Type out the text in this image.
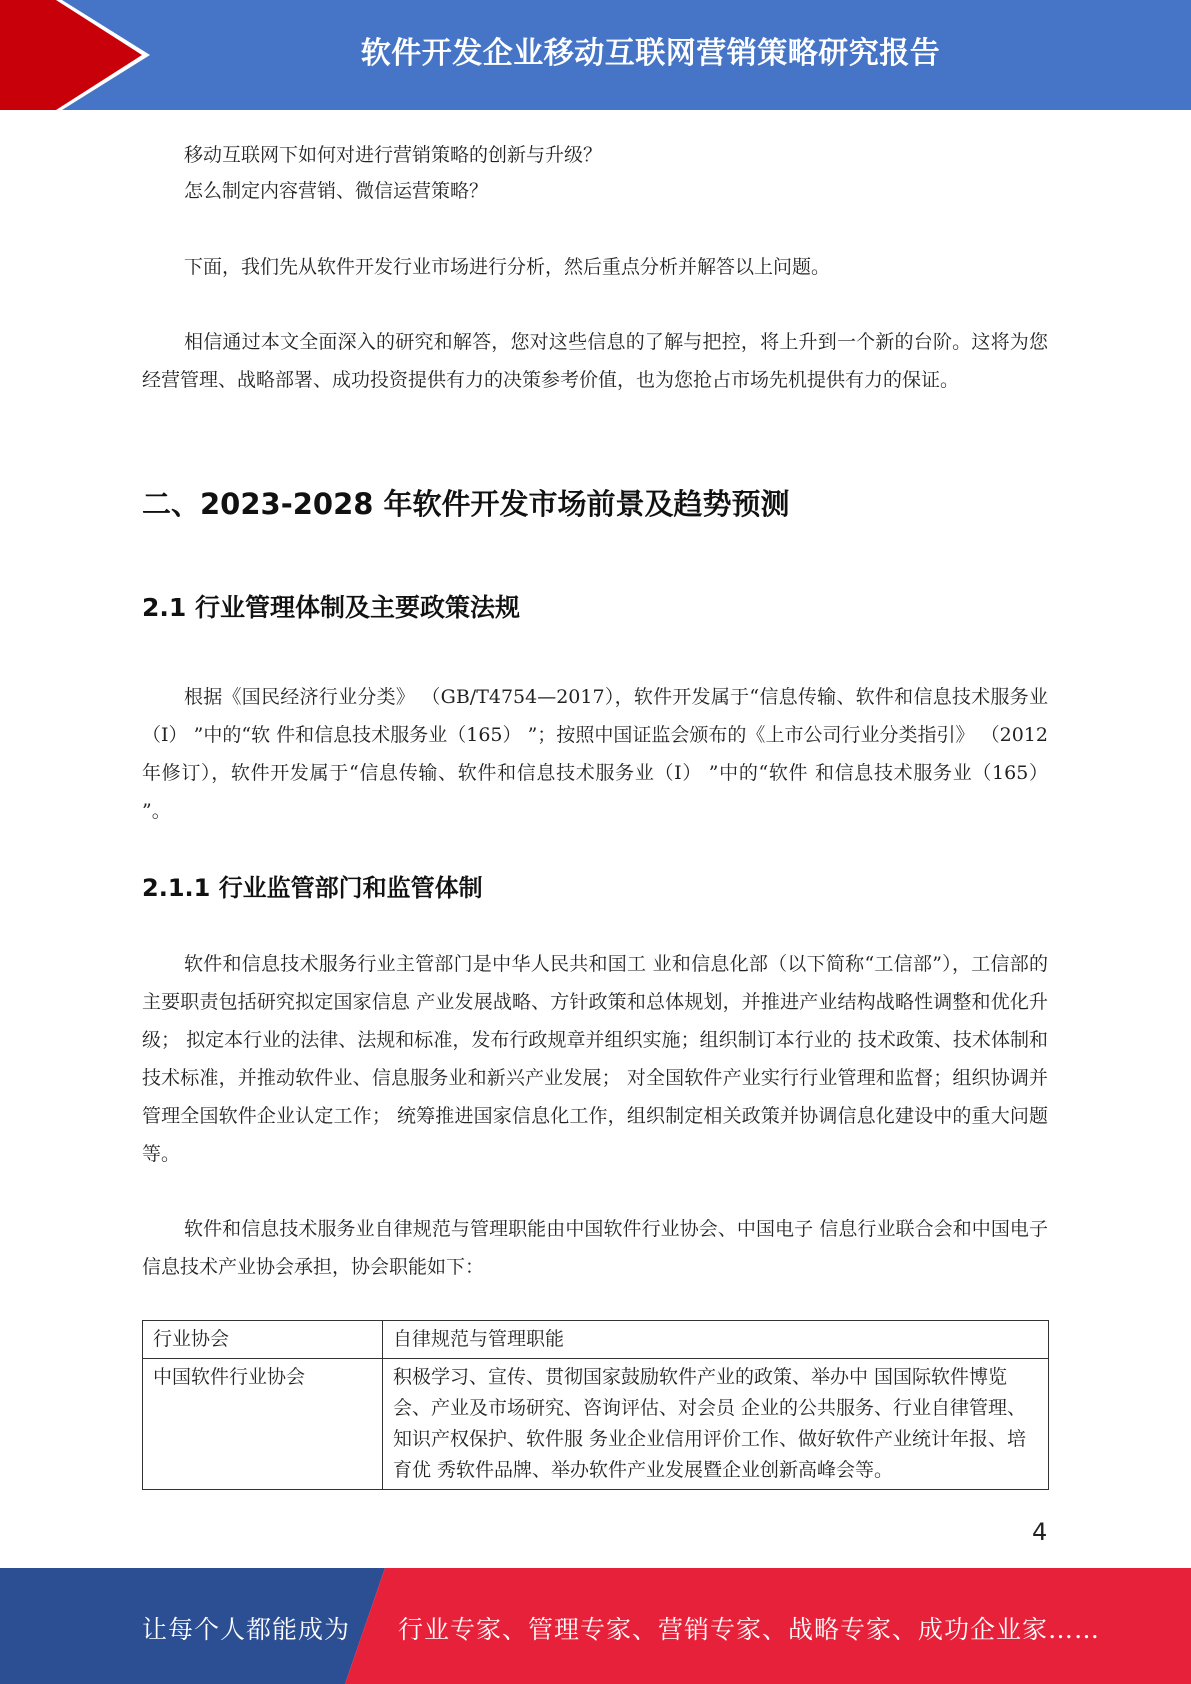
软件开发企业移动互联网营销策略研究报告

移动互联网下如何对进行营销策略的创新与升级？

怎么制定内容营销、微信运营策略？

下面，我们先从软件开发行业市场进行分析，然后重点分析并解答以上问题。

相信通过本文全面深入的研究和解答，您对这些信息的了解与把控，将上升到一个新的台阶。这将为您经营管理、战略部署、成功投资提供有力的决策参考价值，也为您抢占市场先机提供有力的保证。

二、2023-2028 年软件开发市场前景及趋势预测
2.1 行业管理体制及主要政策法规

根据《国民经济行业分类》 （GB/T4754—2017），软件开发属于“信息传输、软件和信息技术服务业（I） ”中的“软 件和信息技术服务业（165） ”；按照中国证监会颁布的《上市公司行业分类指引》 （2012 年修订），软件开发属于“信息传输、软件和信息技术服务业（I） ”中的“软件 和信息技术服务业（165） ”。

2.1.1 行业监管部门和监管体制

软件和信息技术服务行业主管部门是中华人民共和国工 业和信息化部（以下简称“工信部”），工信部的主要职责包括研究拟定国家信息 产业发展战略、方针政策和总体规划，并推进产业结构战略性调整和优化升级； 拟定本行业的法律、法规和标准，发布行政规章并组织实施；组织制订本行业的 技术政策、技术体制和技术标准，并推动软件业、信息服务业和新兴产业发展； 对全国软件产业实行行业管理和监督；组织协调并管理全国软件企业认定工作； 统筹推进国家信息化工作，组织制定相关政策并协调信息化建设中的重大问题 等。

软件和信息技术服务业自律规范与管理职能由中国软件行业协会、中国电子 信息行业联合会和中国电子信息技术产业协会承担，协会职能如下：

行业协会	自律规范与管理职能
中国软件行业协会	积极学习、宣传、贯彻国家鼓励软件产业的政策、举办中 国国际软件博览会、产业及市场研究、咨询评估、对会员 企业的公共服务、行业自律管理、知识产权保护、软件服 务业企业信用评价工作、做好软件产业统计年报、培育优 秀软件品牌、举办软件产业发展暨企业创新高峰会等。
4
让每个人都能成为 行业专家、管理专家、营销专家、战略专家、成功企业家……
